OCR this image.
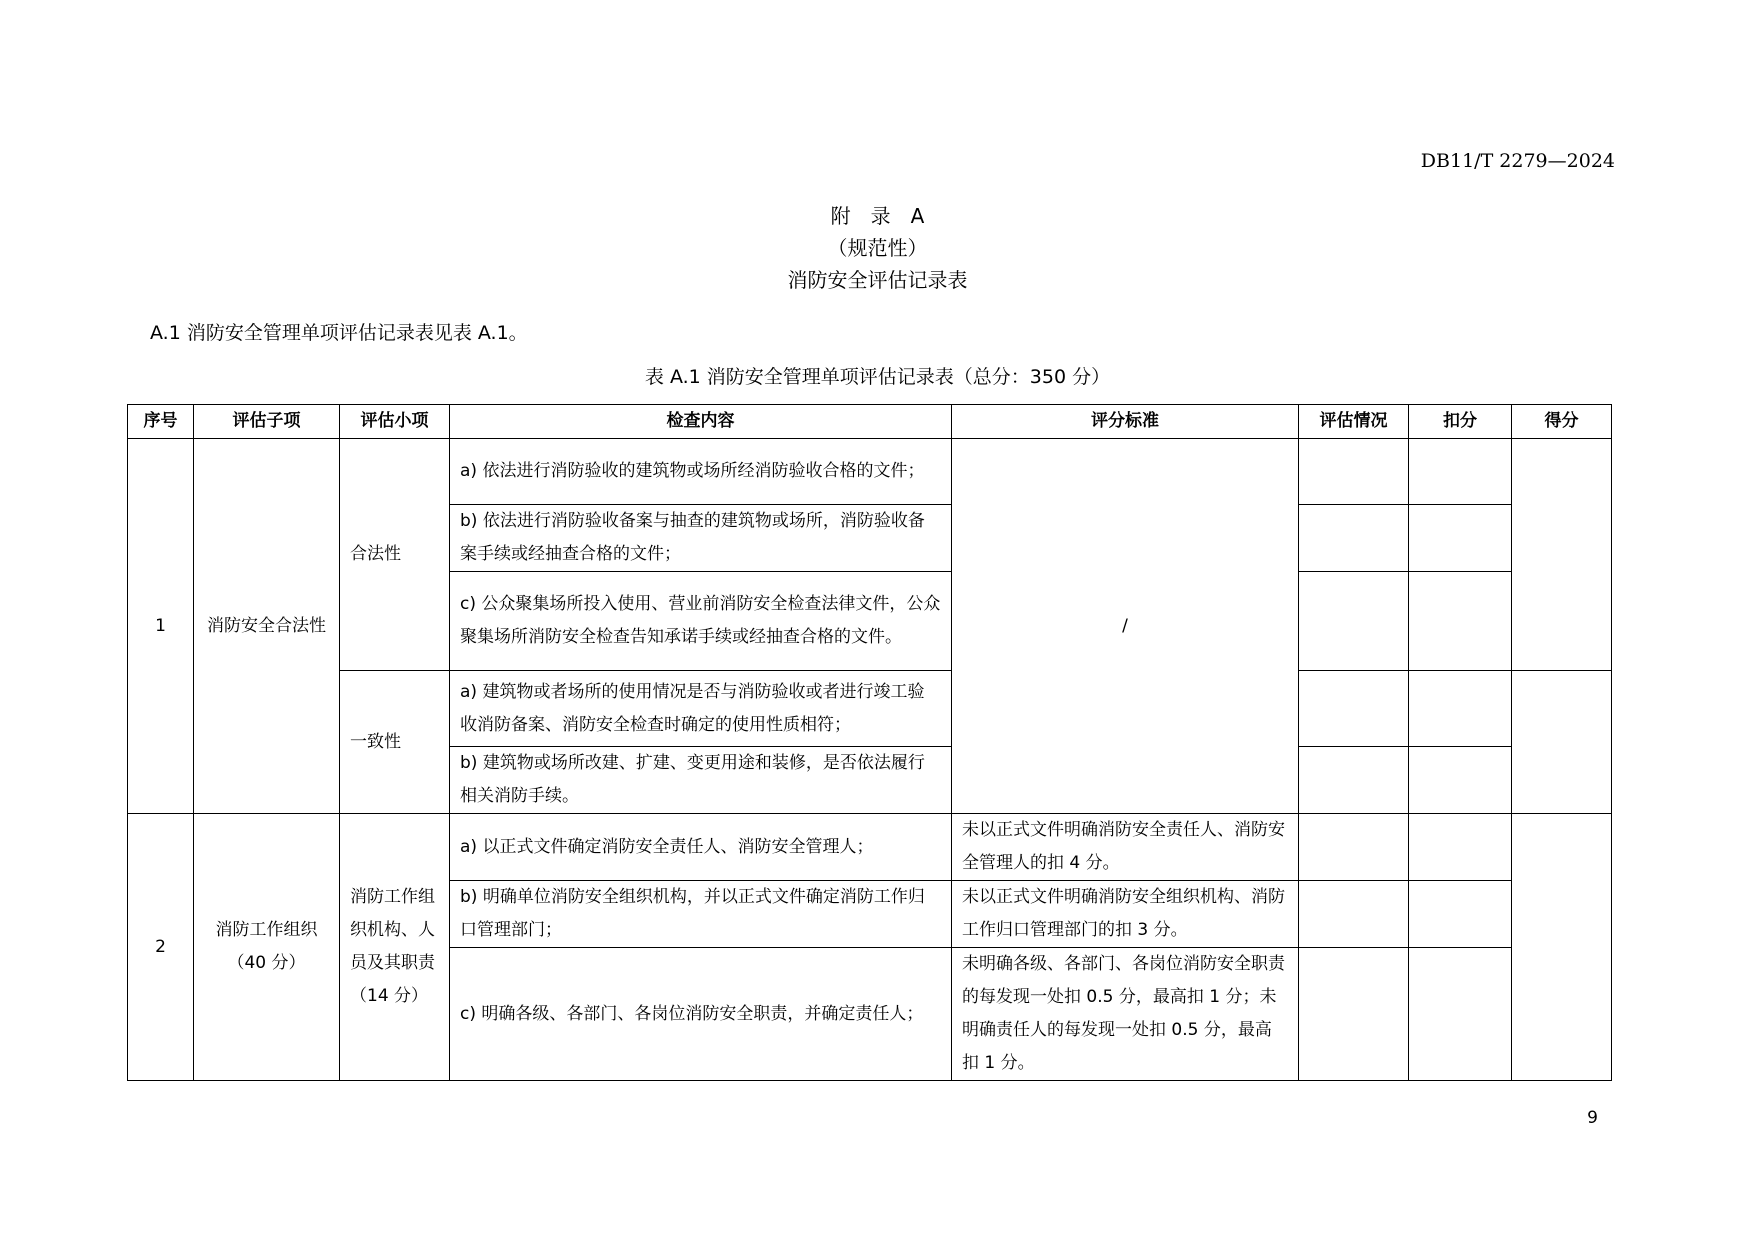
DB11/T 2279—2024
附　录　A
（规范性）
消防安全评估记录表
A.1 消防安全管理单项评估记录表见表 A.1。
表 A.1 消防安全管理单项评估记录表（总分：350 分）
序号	评估子项	评估小项	检查内容	评分标准	评估情况	扣分	得分
1	消防安全合法性	合法性	a) 依法进行消防验收的建筑物或场所经消防验收合格的文件；	/			
			b) 依法进行消防验收备案与抽查的建筑物或场所，消防验收备案手续或经抽查合格的文件；				
			c) 公众聚集场所投入使用、营业前消防安全检查法律文件，公众聚集场所消防安全检查告知承诺手续或经抽查合格的文件。				
		一致性	a) 建筑物或者场所的使用情况是否与消防验收或者进行竣工验收消防备案、消防安全检查时确定的使用性质相符；				
			b) 建筑物或场所改建、扩建、变更用途和装修，是否依法履行相关消防手续。				
2	消防工作组织（40 分）	消防工作组织机构、人员及其职责（14 分）	a) 以正式文件确定消防安全责任人、消防安全管理人；	未以正式文件明确消防安全责任人、消防安全管理人的扣 4 分。			
			b) 明确单位消防安全组织机构，并以正式文件确定消防工作归口管理部门；	未以正式文件明确消防安全组织机构、消防工作归口管理部门的扣 3 分。			
			c) 明确各级、各部门、各岗位消防安全职责，并确定责任人；	未明确各级、各部门、各岗位消防安全职责的每发现一处扣 0.5 分，最高扣 1 分；未明确责任人的每发现一处扣 0.5 分，最高扣 1 分。			
9
